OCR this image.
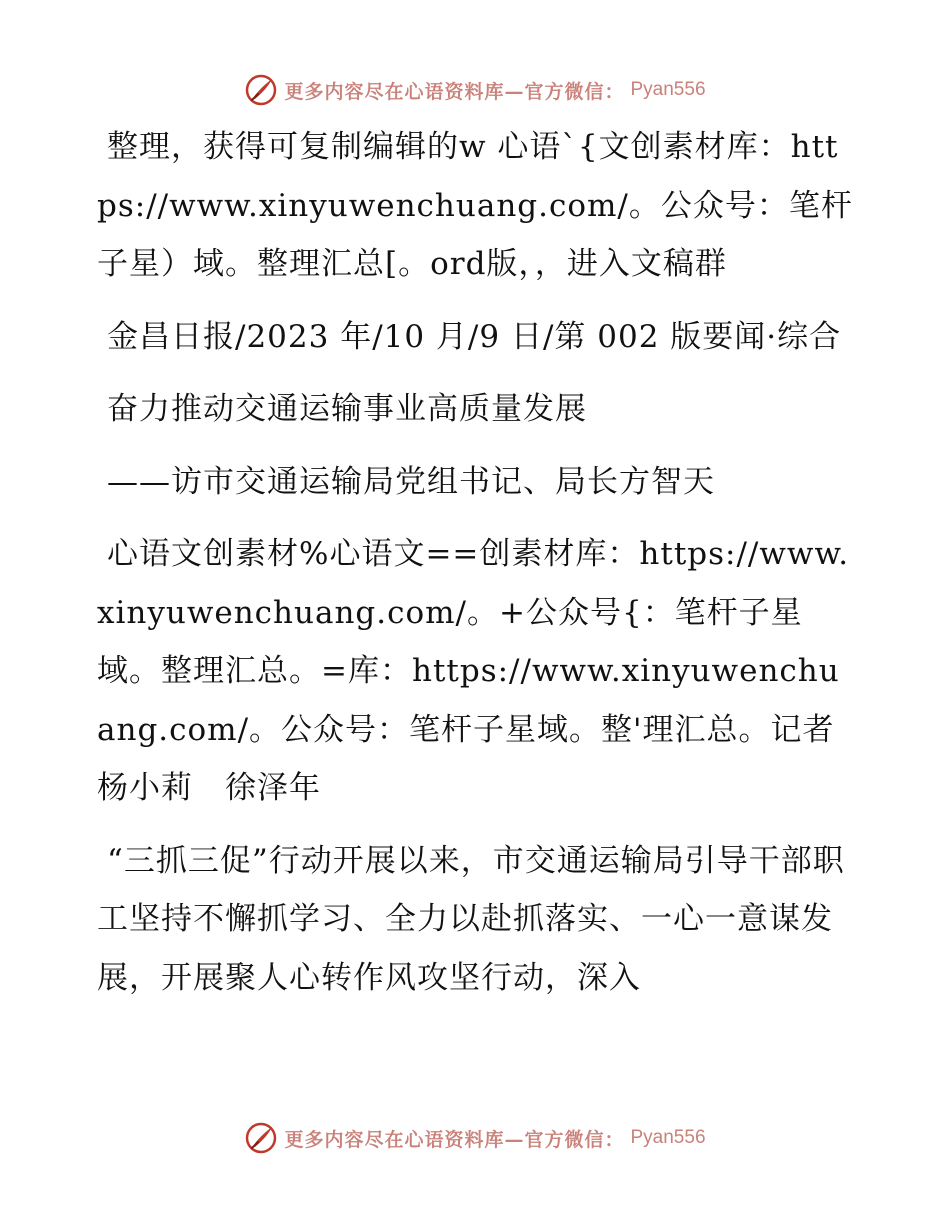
更多内容尽在心语资料库—官方微信： Pyan556

整理，获得可复制编辑的w 心语`{文创素材库：https://www.xinyuwenchuang.com/。公众号：笔杆子星）域。整理汇总[。ord版，，进入文稿群

金昌日报/2023 年/10 月/9 日/第 002 版要闻·综合

奋力推动交通运输事业高质量发展

——访市交通运输局党组书记、局长方智天

心语文创素材%心语文==创素材库：https://www.xinyuwenchuang.com/。+公众号{：笔杆子星域。整理汇总。=库：https://www.xinyuwenchuang.com/。公众号：笔杆子星域。整'理汇总。记者　杨小莉　徐泽年

“三抓三促”行动开展以来，市交通运输局引导干部职工坚持不懈抓学习、全力以赴抓落实、一心一意谋发展，开展聚人心转作风攻坚行动，深入

更多内容尽在心语资料库—官方微信： Pyan556
